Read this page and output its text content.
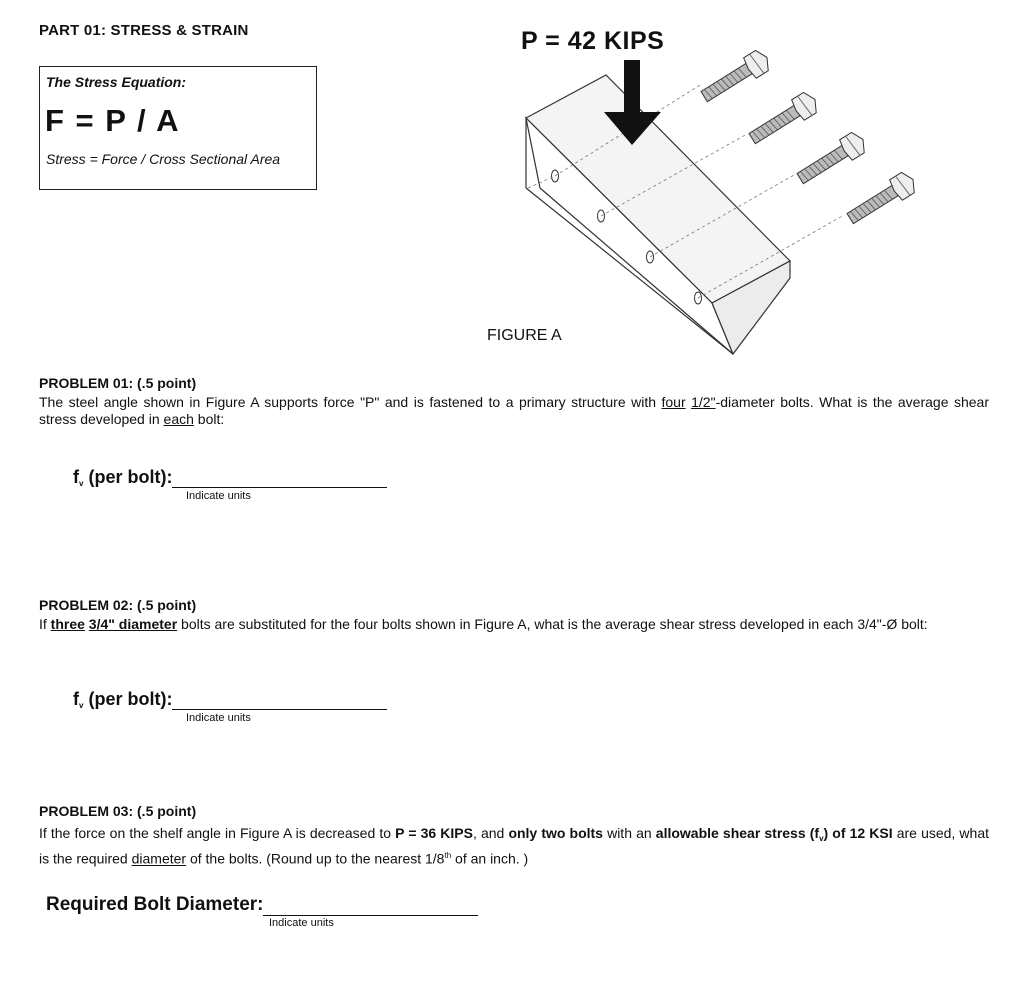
PART 01: STRESS & STRAIN
The Stress Equation:
F = P / A
Stress = Force / Cross Sectional Area
P = 42 KIPS
FIGURE A
PROBLEM 01: (.5 point)
The steel angle shown in Figure A supports force "P" and is fastened to a primary structure with four 1/2"-diameter bolts. What is the average shear stress developed in each bolt:
$f_v$ (per bolt):
Indicate units
PROBLEM 02: (.5 point)
If three 3/4" diameter bolts are substituted for the four bolts shown in Figure A, what is the average shear stress developed in each 3/4"-Ø bolt:
$f_v$ (per bolt):
Indicate units
PROBLEM 03: (.5 point)
If the force on the shelf angle in Figure A is decreased to P = 36 KIPS, and only two bolts with an allowable shear stress $(f_v)$ of 12 KSI are used, what is the required diameter of the bolts. (Round up to the nearest 1/8th of an inch. )
Required Bolt Diameter:
Indicate units
